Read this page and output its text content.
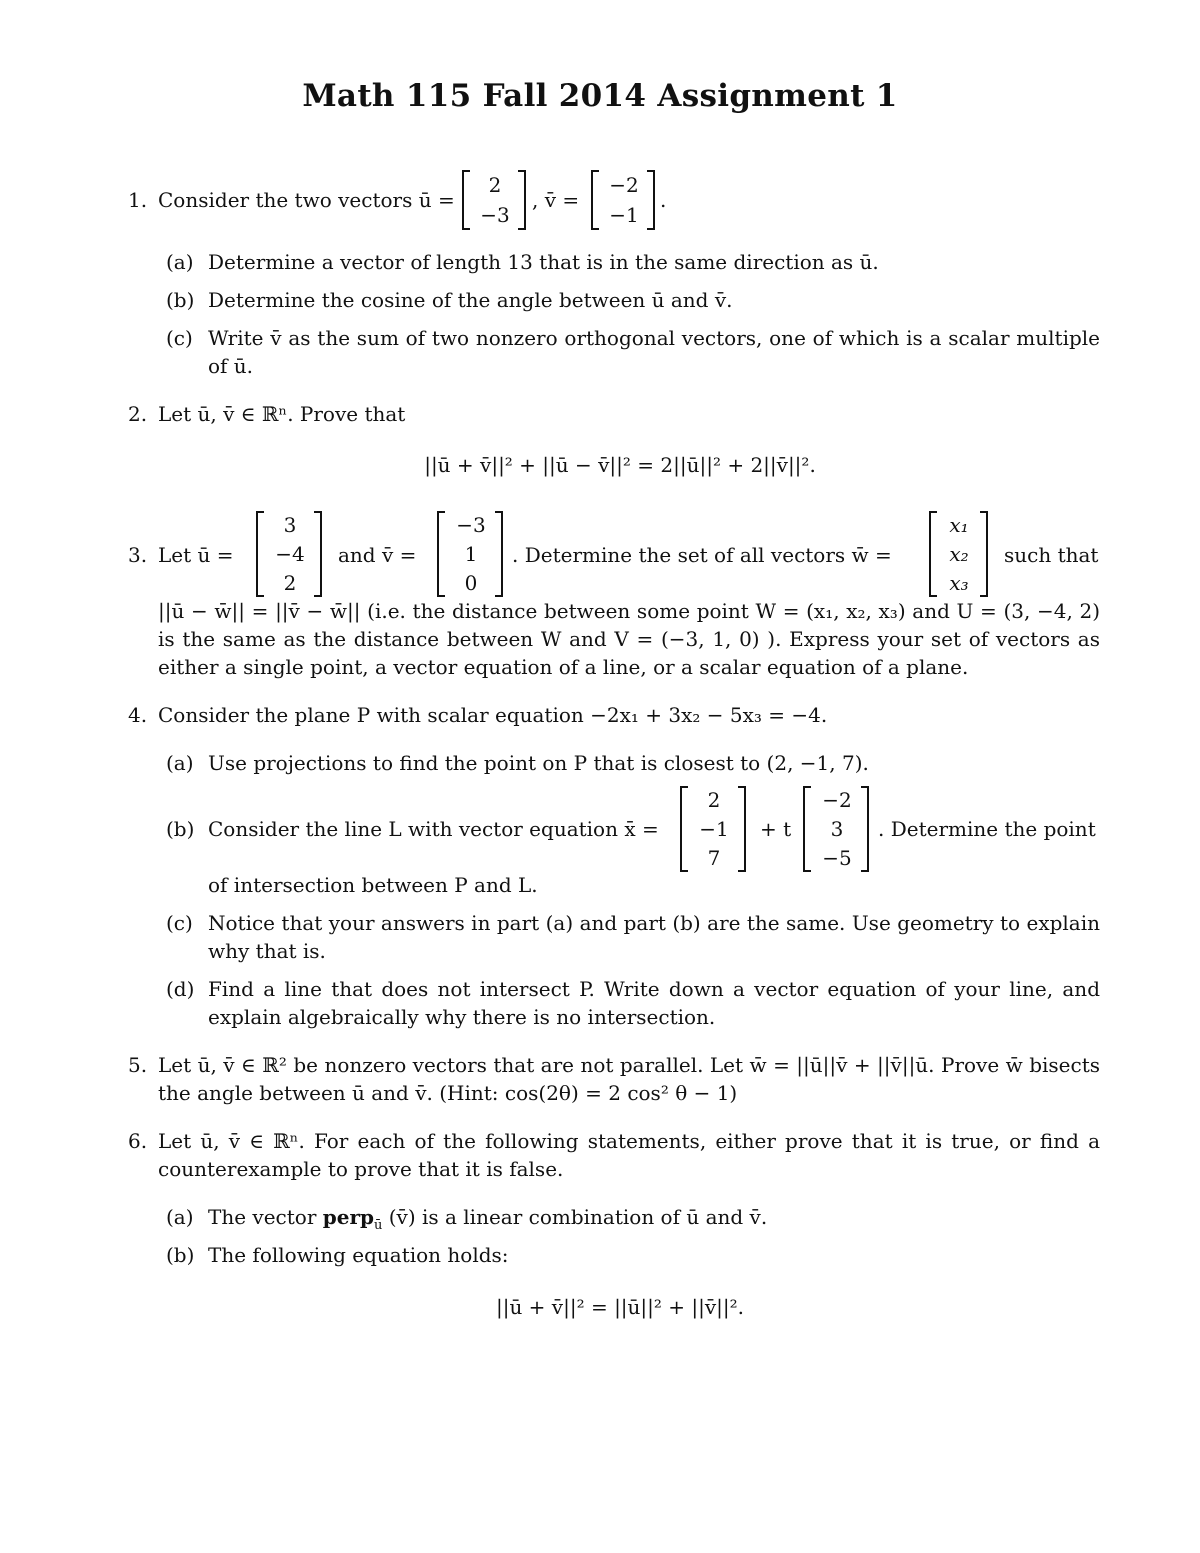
Math 115 Fall 2014 Assignment 1
1. Consider the two vectors ū =
2
−3
, v̄ =
−2
−1
.
(a) Determine a vector of length 13 that is in the same direction as ū.
(b) Determine the cosine of the angle between ū and v̄.
(c) Write v̄ as the sum of two nonzero orthogonal vectors, one of which is a scalar multiple
of ū.
2. Let ū, v̄ ∈ ℝⁿ. Prove that
||ū + v̄||² + ||ū − v̄||² = 2||ū||² + 2||v̄||².
3. Let ū =
3
−4
2
and v̄ =
−3
1
0
. Determine the set of all vectors w̄ =
x₁
x₂
x₃
such that
||ū − w̄|| = ||v̄ − w̄|| (i.e. the distance between some point W = (x₁, x₂, x₃) and U = (3, −4, 2)
is the same as the distance between W and V = (−3, 1, 0) ). Express your set of vectors as
either a single point, a vector equation of a line, or a scalar equation of a plane.
4. Consider the plane P with scalar equation −2x₁ + 3x₂ − 5x₃ = −4.
(a) Use projections to find the point on P that is closest to (2, −1, 7).
(b) Consider the line L with vector equation x̄ =
2
−1
7
+ t
−2
3
−5
. Determine the point
of intersection between P and L.
(c) Notice that your answers in part (a) and part (b) are the same. Use geometry to explain
why that is.
(d) Find a line that does not intersect P. Write down a vector equation of your line, and
explain algebraically why there is no intersection.
5. Let ū, v̄ ∈ ℝ² be nonzero vectors that are not parallel. Let w̄ = ||ū||v̄ + ||v̄||ū. Prove w̄ bisects
the angle between ū and v̄. (Hint: cos(2θ) = 2 cos² θ − 1)
6. Let ū, v̄ ∈ ℝⁿ. For each of the following statements, either prove that it is true, or find a
counterexample to prove that it is false.
(a) The vector perp$_ū$ (v̄) is a linear combination of ū and v̄.
(b) The following equation holds:
||ū + v̄||² = ||ū||² + ||v̄||².
